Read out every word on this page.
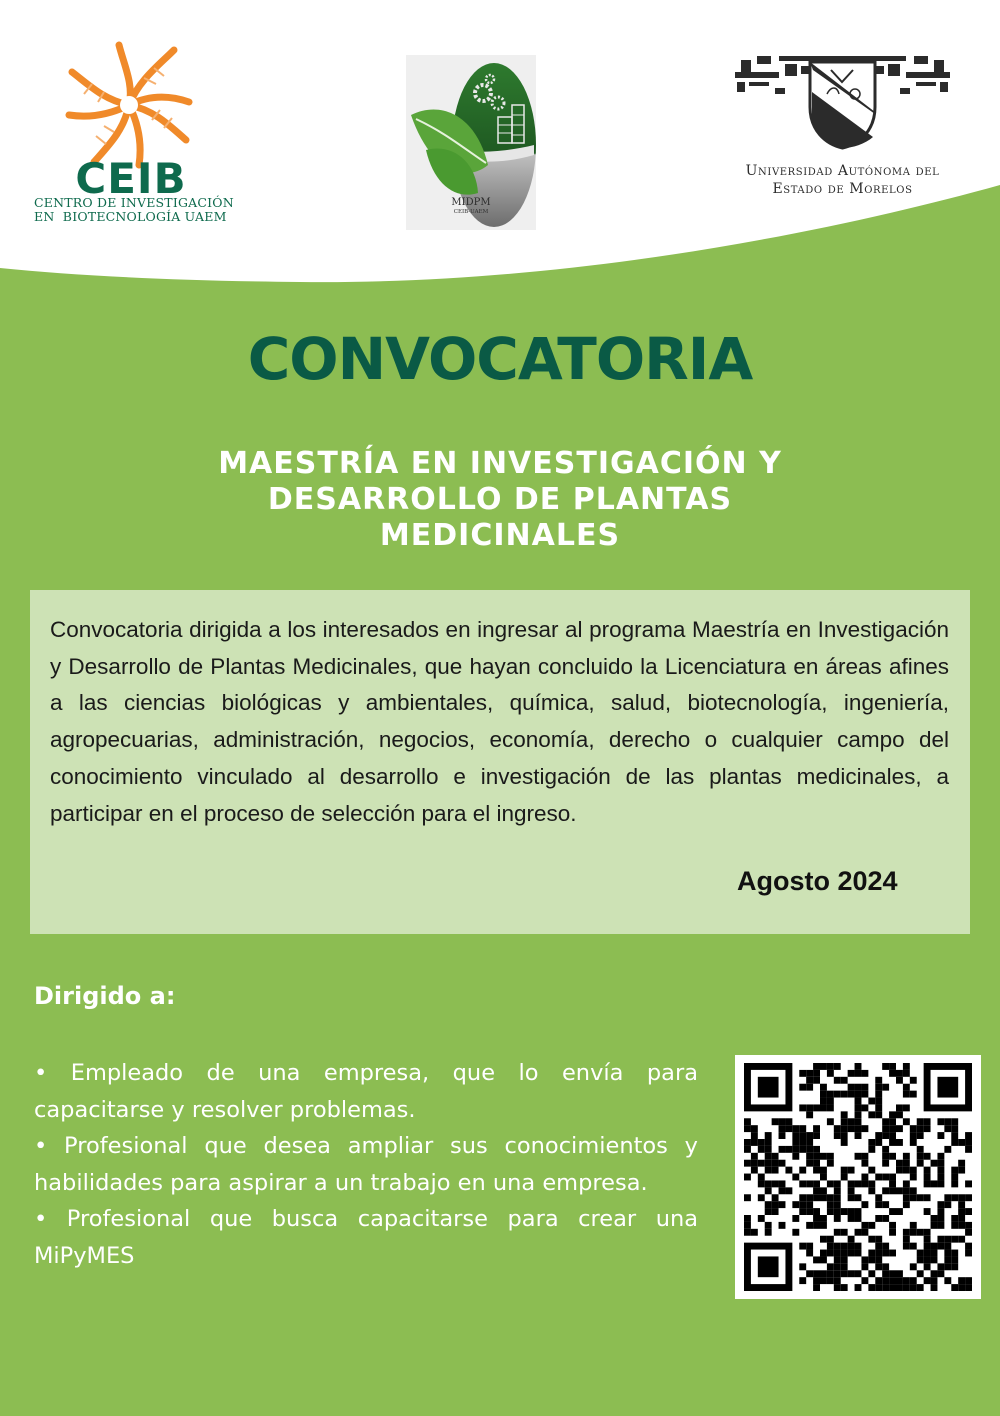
CEIB
CENTRO DE INVESTIGACIÓN
EN  BIOTECNOLOGÍA UAEM
MIDPM
CEIB-UAEM
Universidad Autónoma del
Estado de Morelos
CONVOCATORIA
MAESTRÍA EN INVESTIGACIÓN Y
DESARROLLO DE PLANTAS
MEDICINALES

Convocatoria dirigida a los interesados en ingresar al programa Maestría en Investigación y Desarrollo de Plantas Medicinales, que hayan concluido la Licenciatura en áreas afines a las ciencias biológicas y ambientales, química, salud, biotecnología, ingeniería, agropecuarias, administración, negocios, economía, derecho o cualquier campo del conocimiento vinculado al desarrollo e investigación de las plantas medicinales, a participar en el proceso de selección para el ingreso.

Agosto 2024
Dirigido a:
• Empleado de una empresa, que lo envía para capacitarse y resolver problemas.
• Profesional que desea ampliar sus conocimientos y habilidades para aspirar a un trabajo en una empresa.
• Profesional que busca capacitarse para crear una MiPyMES
